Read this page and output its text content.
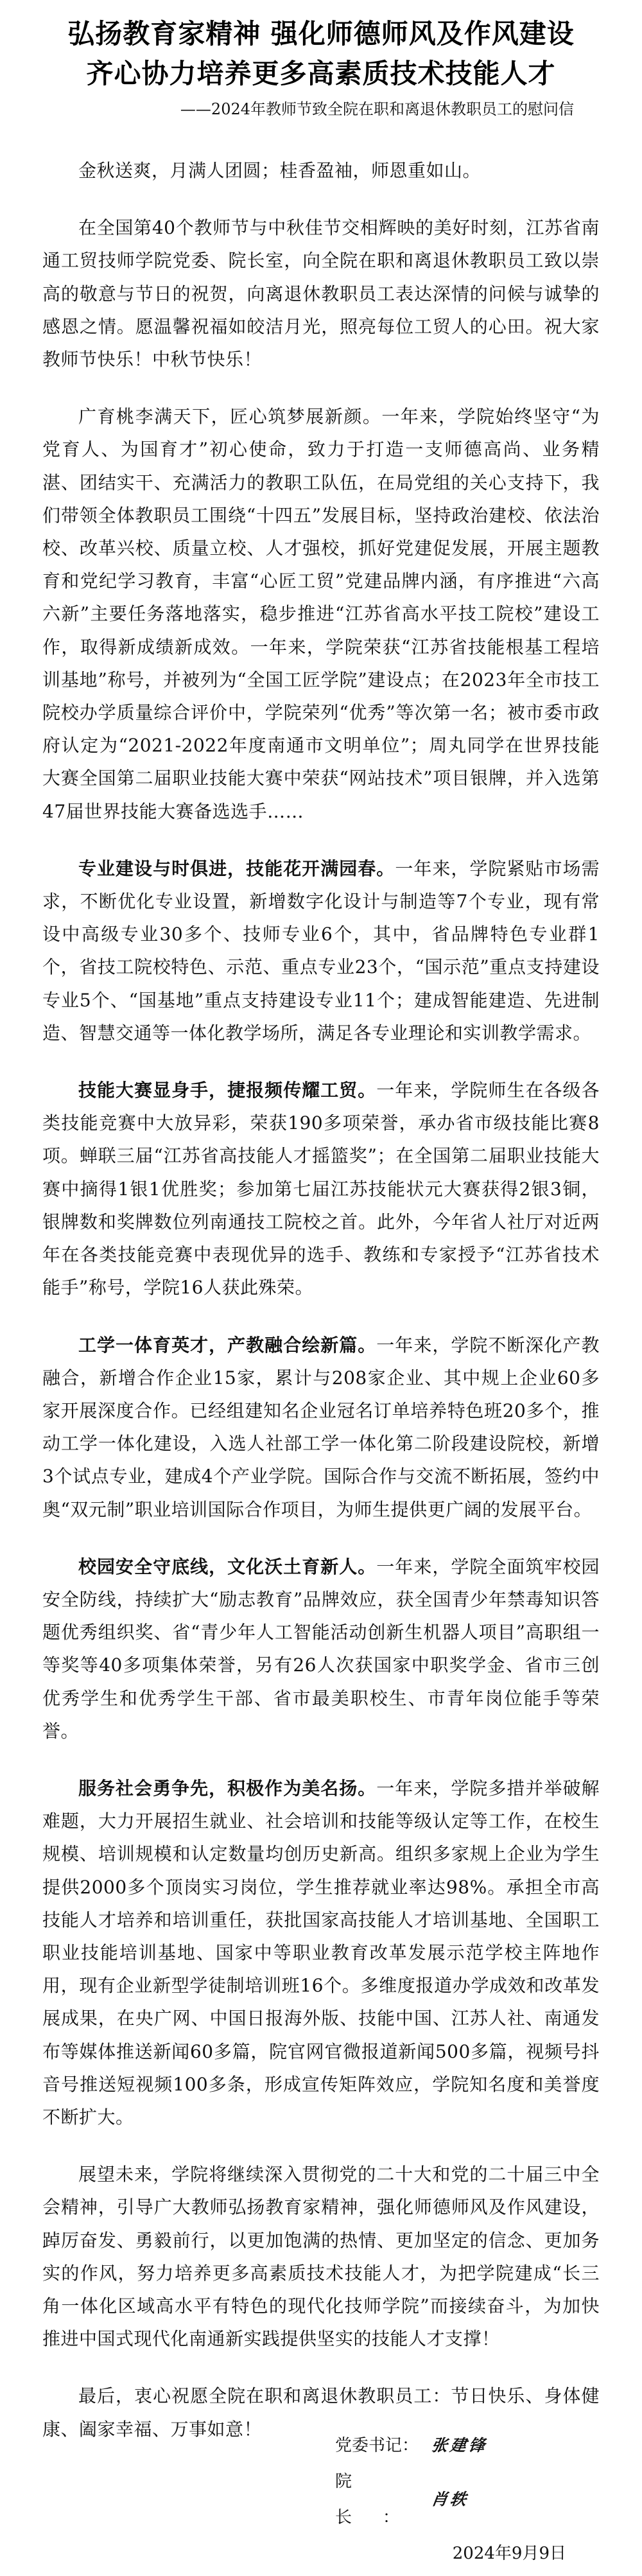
弘扬教育家精神 强化师德师风及作风建设
齐心协力培养更多高素质技术技能人才
——2024年教师节致全院在职和离退休教职员工的慰问信

金秋送爽，月满人团圆；桂香盈袖，师恩重如山。

在全国第40个教师节与中秋佳节交相辉映的美好时刻，江苏省南通工贸技师学院党委、院长室，向全院在职和离退休教职员工致以崇高的敬意与节日的祝贺，向离退休教职员工表达深情的问候与诚挚的感恩之情。愿温馨祝福如皎洁月光，照亮每位工贸人的心田。祝大家教师节快乐！中秋节快乐！

广育桃李满天下，匠心筑梦展新颜。一年来，学院始终坚守“为党育人、为国育才”初心使命，致力于打造一支师德高尚、业务精湛、团结实干、充满活力的教职工队伍，在局党组的关心支持下，我们带领全体教职员工围绕“十四五”发展目标，坚持政治建校、依法治校、改革兴校、质量立校、人才强校，抓好党建促发展，开展主题教育和党纪学习教育，丰富“心匠工贸”党建品牌内涵，有序推进“六高六新”主要任务落地落实，稳步推进“江苏省高水平技工院校”建设工作，取得新成绩新成效。一年来，学院荣获“江苏省技能根基工程培训基地”称号，并被列为“全国工匠学院”建设点；在2023年全市技工院校办学质量综合评价中，学院荣列“优秀”等次第一名；被市委市政府认定为“2021-2022年度南通市文明单位”；周丸同学在世界技能大赛全国第二届职业技能大赛中荣获“网站技术”项目银牌，并入选第47届世界技能大赛备选选手……

专业建设与时俱进，技能花开满园春。一年来，学院紧贴市场需求，不断优化专业设置，新增数字化设计与制造等7个专业，现有常设中高级专业30多个、技师专业6个，其中，省品牌特色专业群1个，省技工院校特色、示范、重点专业23个，“国示范”重点支持建设专业5个、“国基地”重点支持建设专业11个；建成智能建造、先进制造、智慧交通等一体化教学场所，满足各专业理论和实训教学需求。

技能大赛显身手，捷报频传耀工贸。一年来，学院师生在各级各类技能竞赛中大放异彩，荣获190多项荣誉，承办省市级技能比赛8项。蝉联三届“江苏省高技能人才摇篮奖”；在全国第二届职业技能大赛中摘得1银1优胜奖；参加第七届江苏技能状元大赛获得2银3铜，银牌数和奖牌数位列南通技工院校之首。此外，今年省人社厅对近两年在各类技能竞赛中表现优异的选手、教练和专家授予“江苏省技术能手”称号，学院16人获此殊荣。

工学一体育英才，产教融合绘新篇。一年来，学院不断深化产教融合，新增合作企业15家，累计与208家企业、其中规上企业60多家开展深度合作。已经组建知名企业冠名订单培养特色班20多个，推动工学一体化建设，入选人社部工学一体化第二阶段建设院校，新增3个试点专业，建成4个产业学院。国际合作与交流不断拓展，签约中奥“双元制”职业培训国际合作项目，为师生提供更广阔的发展平台。

校园安全守底线，文化沃土育新人。一年来，学院全面筑牢校园安全防线，持续扩大“励志教育”品牌效应，获全国青少年禁毒知识答题优秀组织奖、省“青少年人工智能活动创新生机器人项目”高职组一等奖等40多项集体荣誉，另有26人次获国家中职奖学金、省市三创优秀学生和优秀学生干部、省市最美职校生、市青年岗位能手等荣誉。

服务社会勇争先，积极作为美名扬。一年来，学院多措并举破解难题，大力开展招生就业、社会培训和技能等级认定等工作，在校生规模、培训规模和认定数量均创历史新高。组织多家规上企业为学生提供2000多个顶岗实习岗位，学生推荐就业率达98%。承担全市高技能人才培养和培训重任，获批国家高技能人才培训基地、全国职工职业技能培训基地、国家中等职业教育改革发展示范学校主阵地作用，现有企业新型学徒制培训班16个。多维度报道办学成效和改革发展成果，在央广网、中国日报海外版、技能中国、江苏人社、南通发布等媒体推送新闻60多篇，院官网官微报道新闻500多篇，视频号抖音号推送短视频100多条，形成宣传矩阵效应，学院知名度和美誉度不断扩大。

展望未来，学院将继续深入贯彻党的二十大和党的二十届三中全会精神，引导广大教师弘扬教育家精神，强化师德师风及作风建设，踔厉奋发、勇毅前行，以更加饱满的热情、更加坚定的信念、更加务实的作风，努力培养更多高素质技术技能人才，为把学院建成“长三角一体化区域高水平有特色的现代化技师学院”而接续奋斗，为加快推进中国式现代化南通新实践提供坚实的技能人才支撑！

最后，衷心祝愿全院在职和离退休教职员工：节日快乐、身体健康、阖家幸福、万事如意！

党委书记： 张建锋
院长：
肖轶
2024年9月9日
